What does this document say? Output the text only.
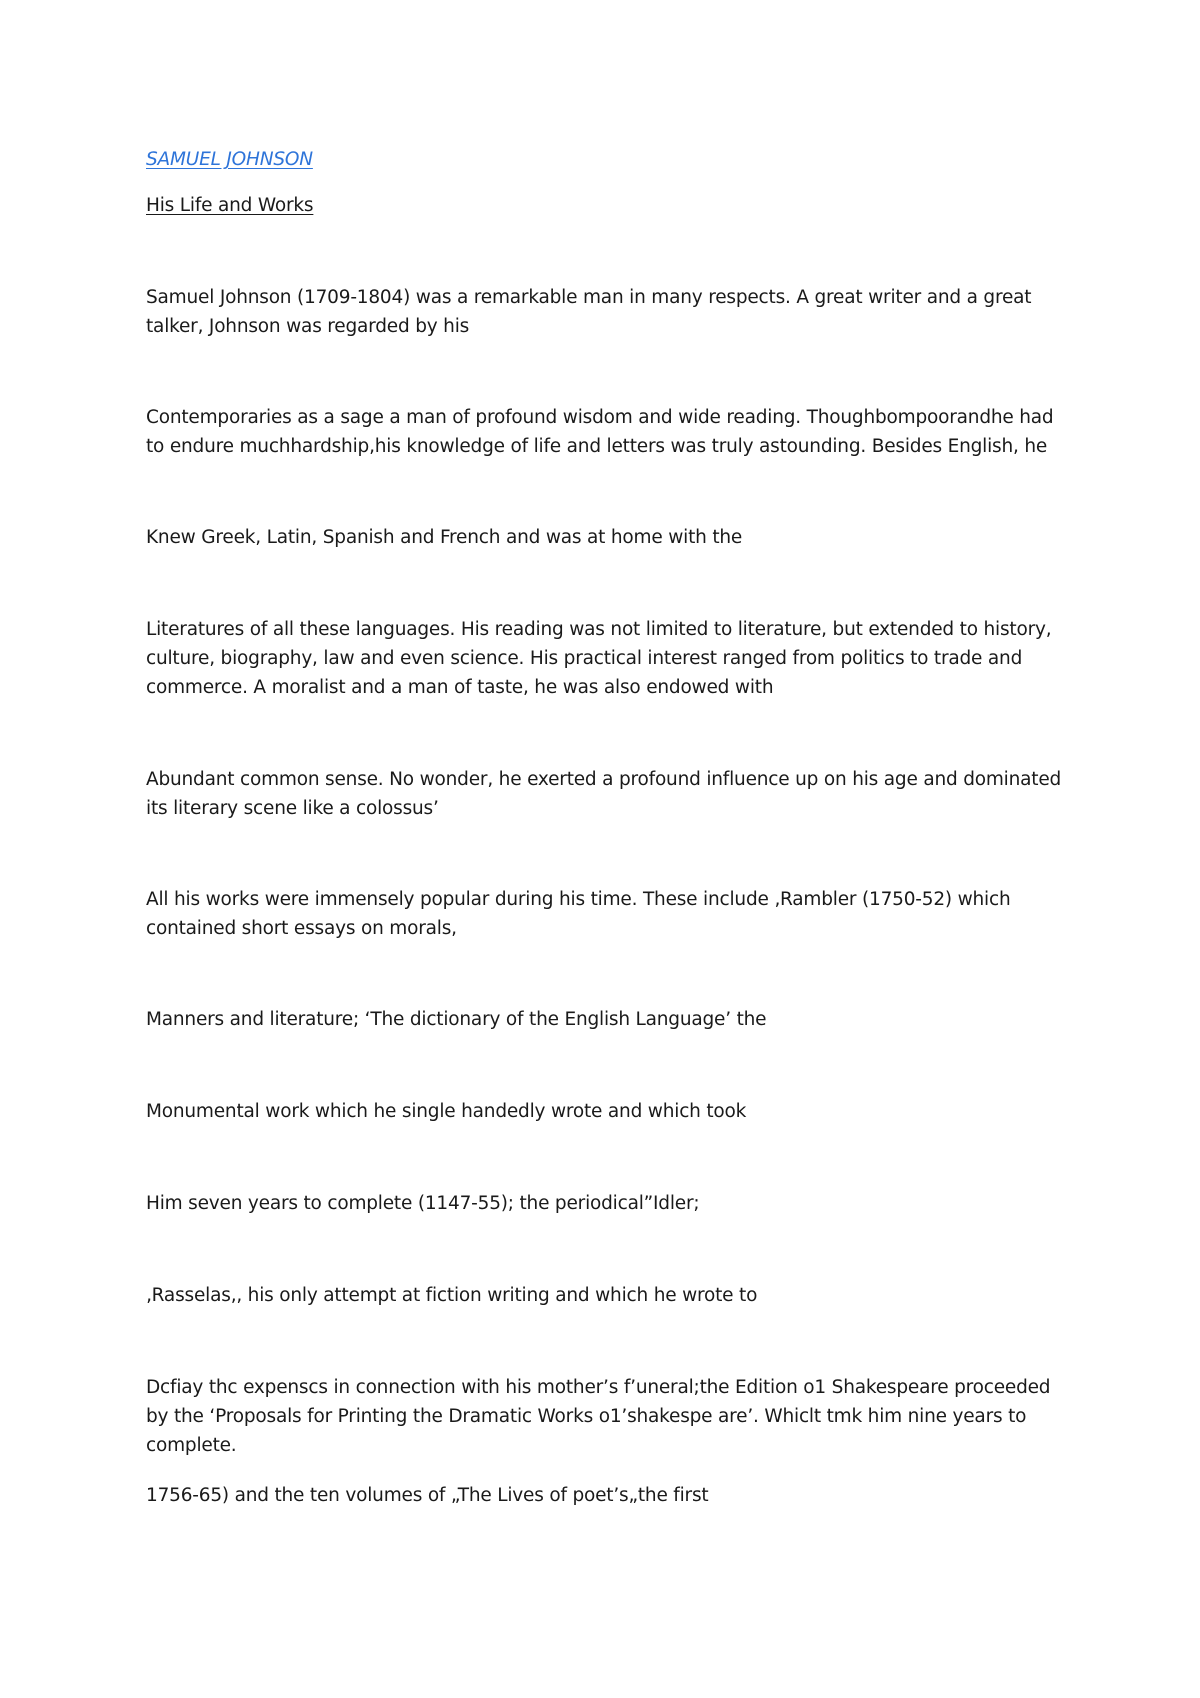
SAMUEL JOHNSON

His Life and Works

Samuel Johnson (1709-1804) was a remarkable man in many respects. A great writer and a great talker, Johnson was regarded by his

Contemporaries as a sage a man of profound wisdom and wide reading. Thoughbompoorandhe had to endure muchhardship,his knowledge of life and letters was truly astounding. Besides English, he

Knew Greek, Latin, Spanish and French and was at home with the

Literatures of all these languages. His reading was not limited to literature, but extended to history, culture, biography, law and even science. His practical interest ranged from politics to trade and commerce. A moralist and a man of taste, he was also endowed with

Abundant common sense. No wonder, he exerted a profound influence up on his age and dominated its literary scene like a colossus’

All his works were immensely popular during his time. These include ‚Rambler (1750-52) which contained short essays on morals,

Manners and literature; ‘The dictionary of the English Language’ the

Monumental work which he single handedly wrote and which took

Him seven years to complete (1147-55); the periodical”Idler;

‚Rasselas‚, his only attempt at fiction writing and which he wrote to

Dcfiay thc expenscs in connection with his mother’s f’uneral;the Edition o1 Shakespeare proceeded by the ‘Proposals for Printing the Dramatic Works o1’shakespe are’. Whiclt tmk him nine years to complete.

1756-65) and the ten volumes of „The Lives of poet’s„the first
